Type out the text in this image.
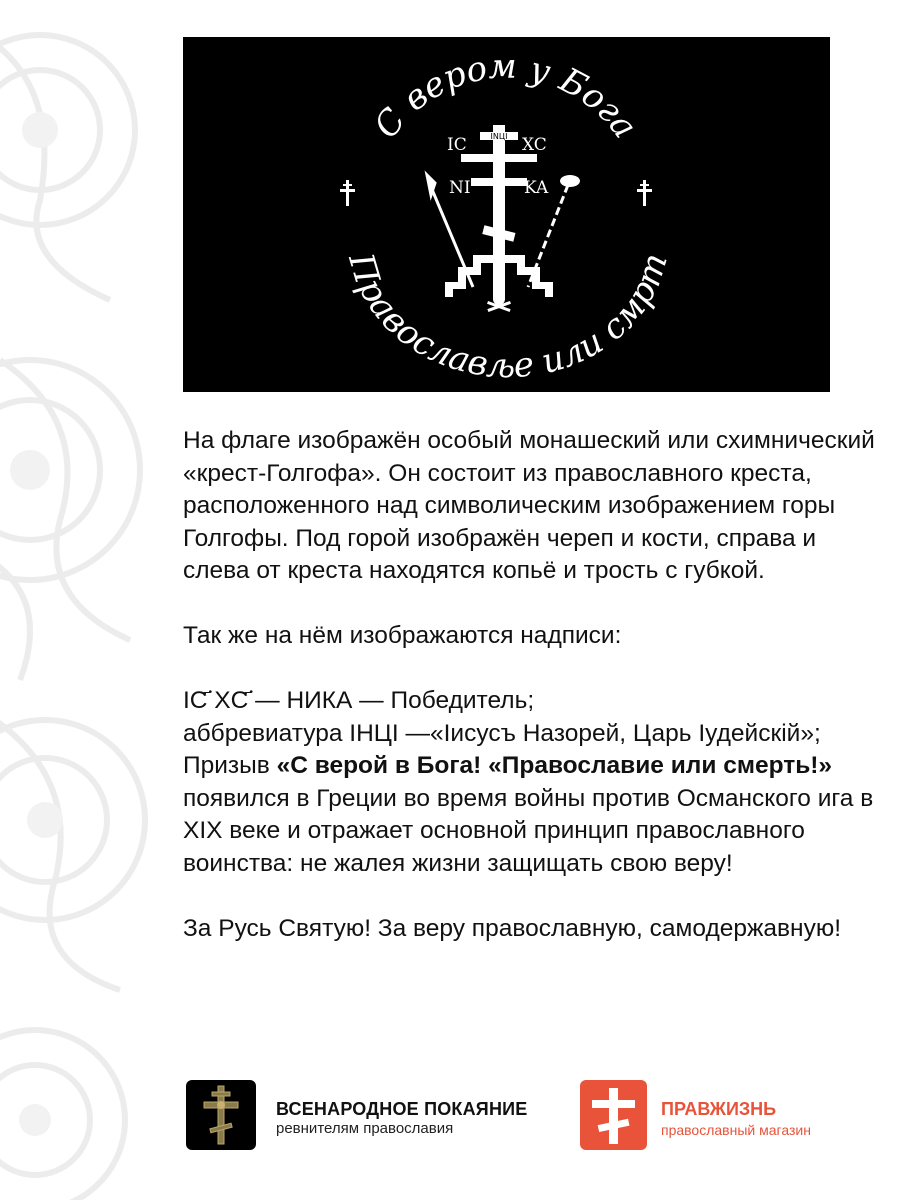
С вером у Бога
Православље или смрт
IC	XC
NI	KA
INЦI

На флаге изображён особый монашеский или схимнический «крест-Голгофа». Он состоит из православного креста, расположенного над символическим изображением горы Голгофы. Под горой изображён череп и кости, справа и слева от креста находятся копьё и трость с губкой.

Так же на нём изображаются надписи:

IC҃ XC҃ — НИКА — Победитель;

аббревиатура IНЦI —«Iисусъ Назорей, Царь Iудейскiй»;

Призыв «С верой в Бога! «Православие или смерть!» появился в Греции во время войны против Османского ига в XIX веке и отражает основной принцип православного воинства: не жалея жизни защищать свою веру!

За Русь Святую! За веру православную, самодержавную!

ВСЕНАРОДНОЕ ПОКАЯНИЕ
ревнителям православия
ПРАВЖИЗНЬ
православный магазин
